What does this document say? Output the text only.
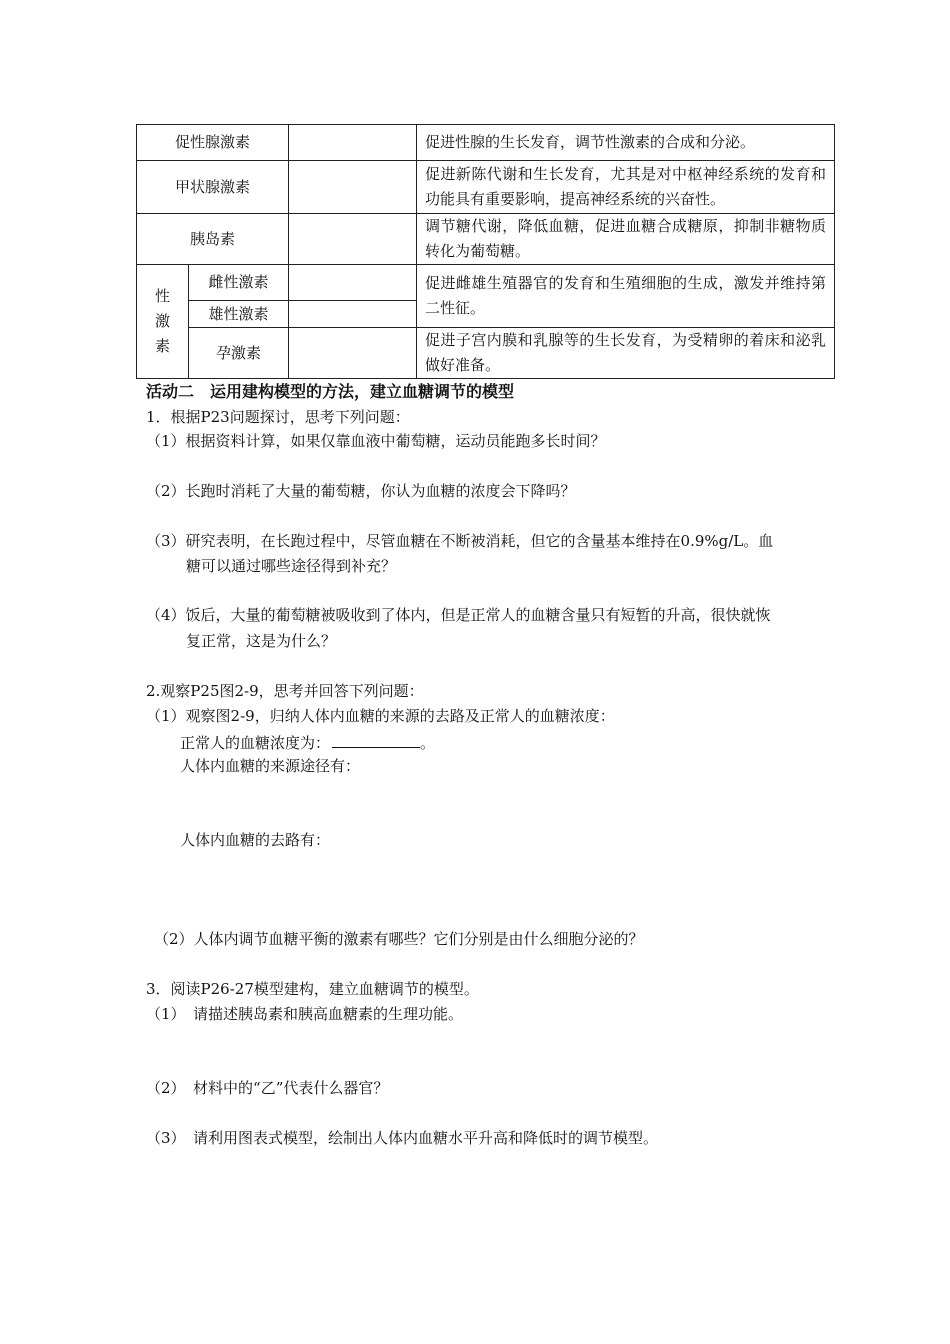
促性腺激素			促进性腺的生长发育，调节性激素的合成和分泌。
甲状腺激素			促进新陈代谢和生长发育，尤其是对中枢神经系统的发育和功能具有重要影响，提高神经系统的兴奋性。
胰岛素			调节糖代谢，降低血糖，促进血糖合成糖原，抑制非糖物质转化为葡萄糖。

性
激
素	雌性激素		促进雌雄生殖器官的发育和生殖细胞的生成，激发并维持第二性征。
	雄性激素		
	孕激素		促进子宫内膜和乳腺等的生长发育，为受精卵的着床和泌乳做好准备。
活动二　运用建构模型的方法，建立血糖调节的模型
1．根据P23问题探讨，思考下列问题：
（1）根据资料计算，如果仅靠血液中葡萄糖，运动员能跑多长时间？
（2）长跑时消耗了大量的葡萄糖，你认为血糖的浓度会下降吗？
（3）研究表明，在长跑过程中，尽管血糖在不断被消耗，但它的含量基本维持在0.9%g/L。血
糖可以通过哪些途径得到补充？
（4）饭后，大量的葡萄糖被吸收到了体内，但是正常人的血糖含量只有短暂的升高，很快就恢
复正常，这是为什么？
2.观察P25图2-9，思考并回答下列问题：
（1）观察图2-9，归纳人体内血糖的来源的去路及正常人的血糖浓度：
正常人的血糖浓度为：	。
人体内血糖的来源途径有：
人体内血糖的去路有：
（2）人体内调节血糖平衡的激素有哪些？它们分别是由什么细胞分泌的？
3．阅读P26-27模型建构，建立血糖调节的模型。
（1）　请描述胰岛素和胰高血糖素的生理功能。
（2）　材料中的“乙”代表什么器官？
（3）　请利用图表式模型，绘制出人体内血糖水平升高和降低时的调节模型。
